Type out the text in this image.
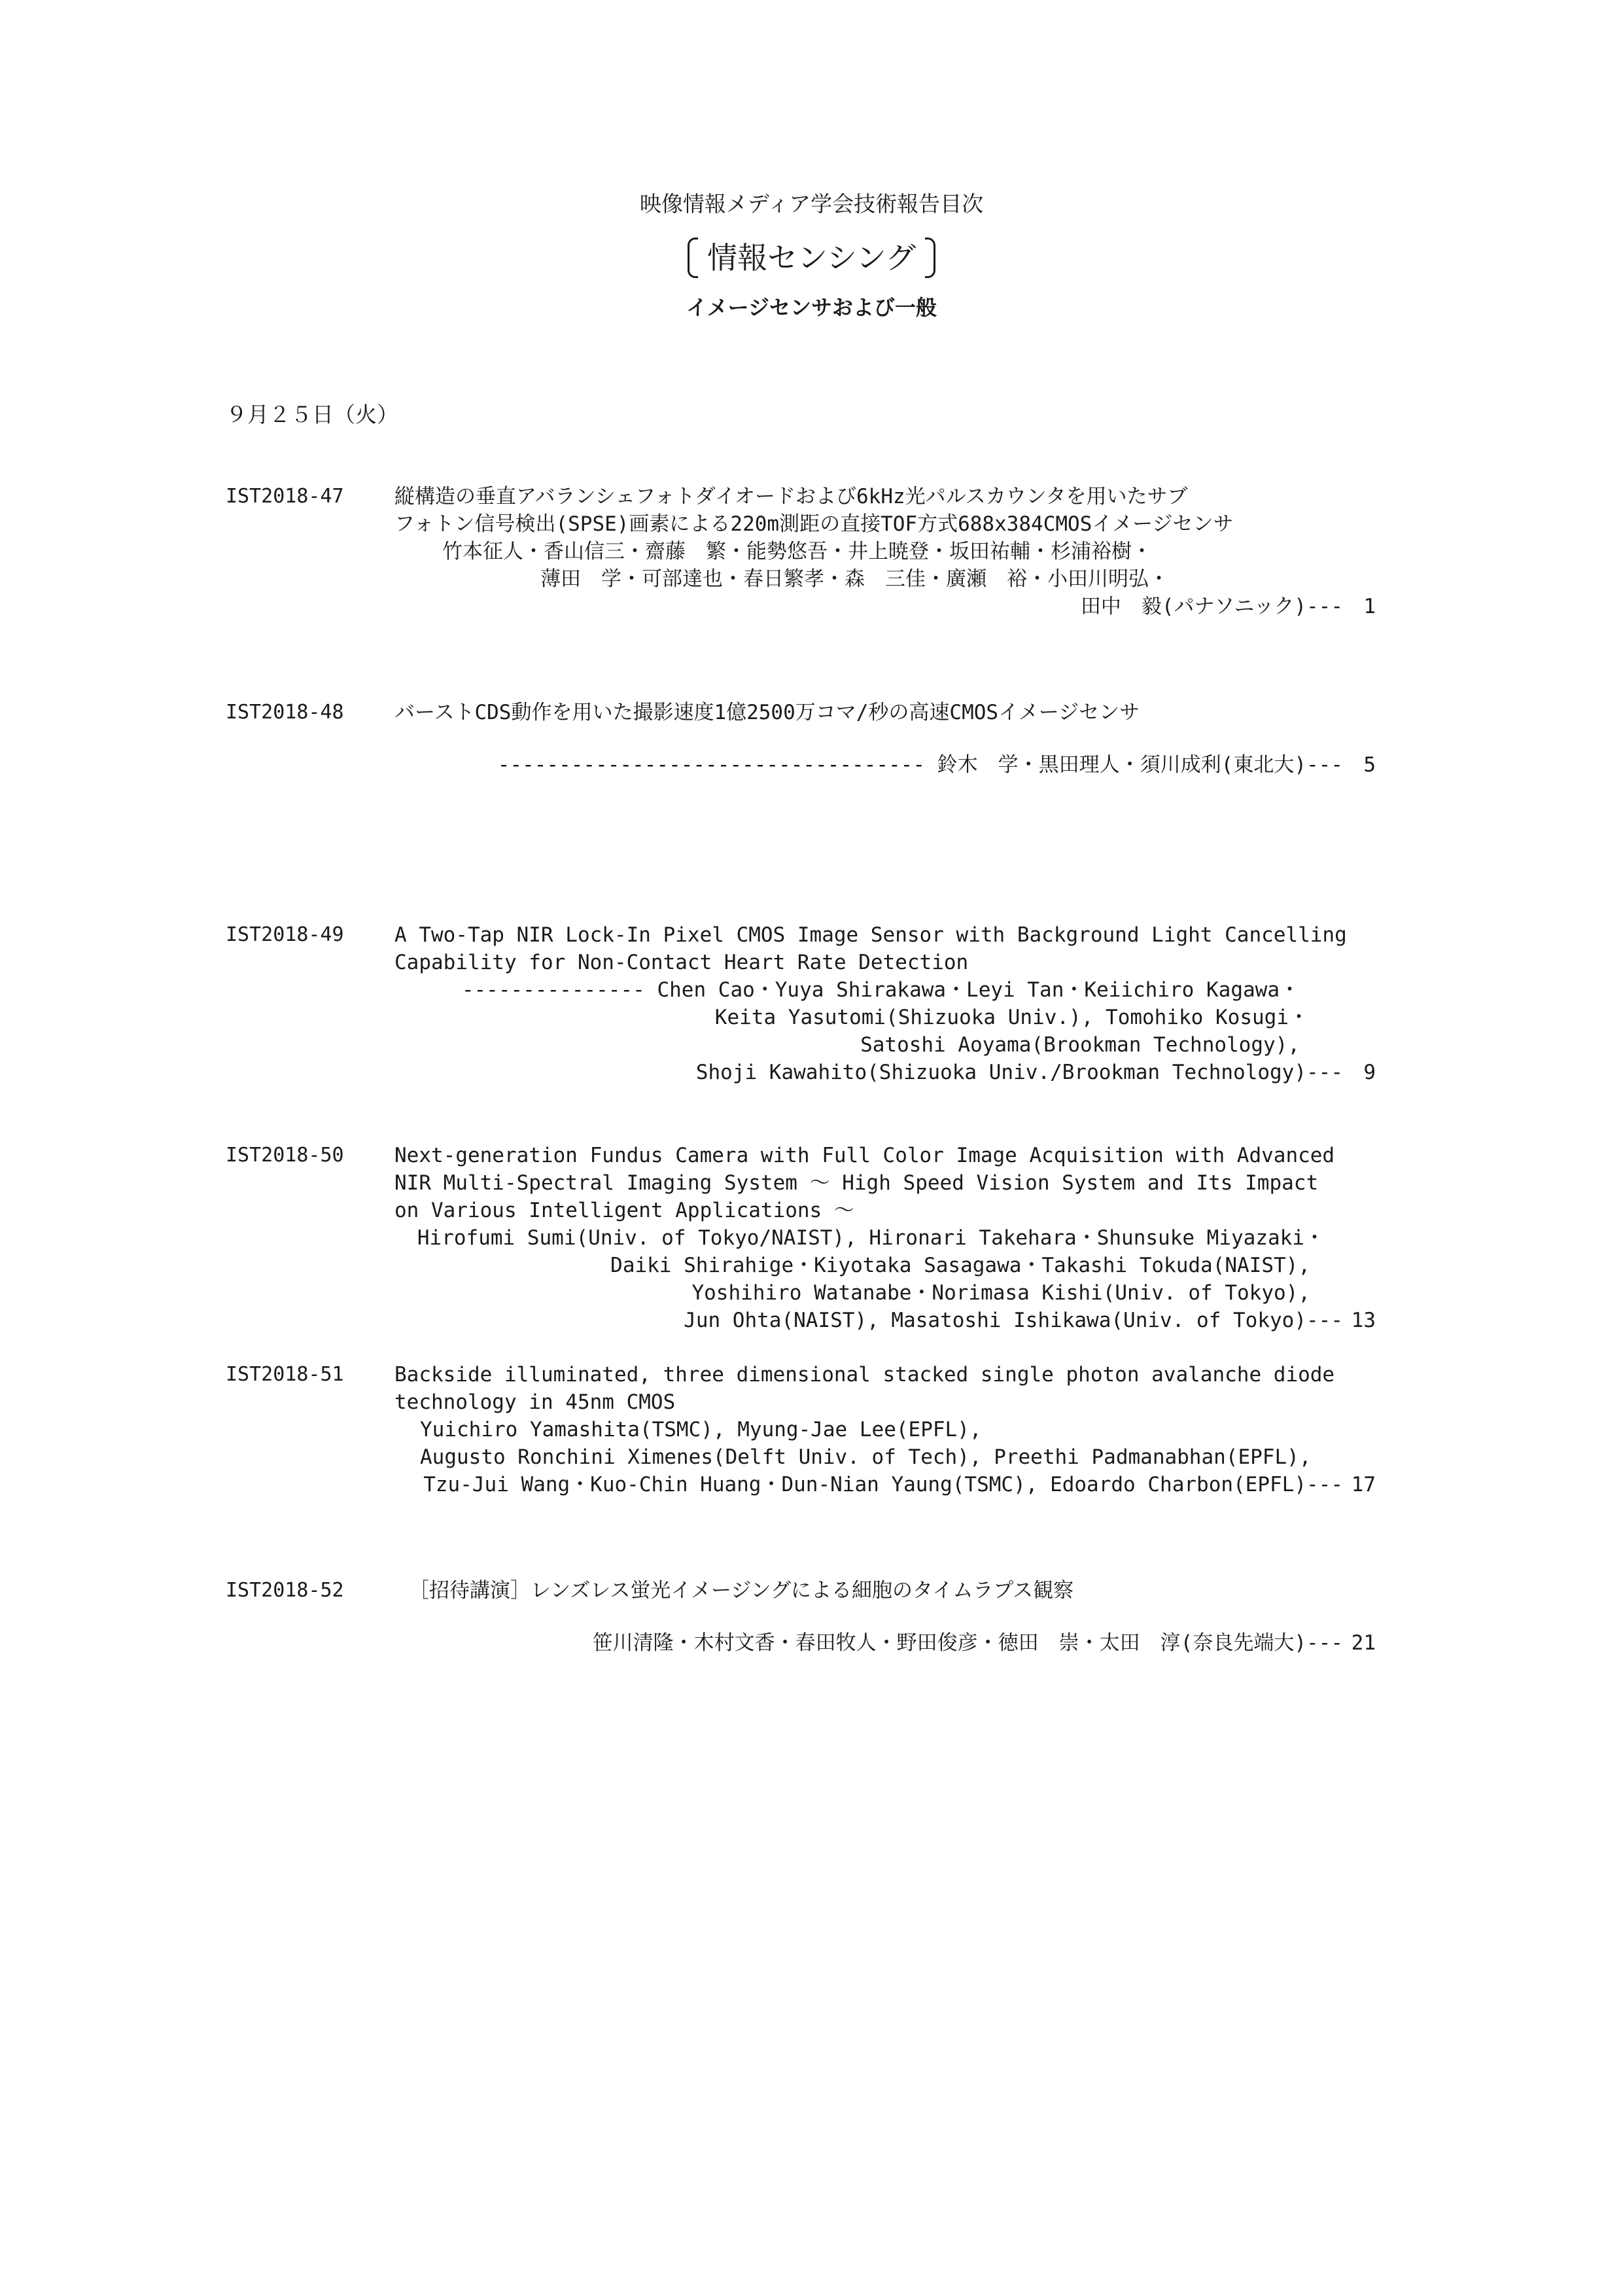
映像情報メディア学会技術報告目次
情報センシング
イメージセンサおよび一般
９月２５日（火）
IST2018-47 縦構造の垂直アバランシェフォトダイオードおよび6kHz光パルスカウンタを用いたサブ
フォトン信号検出(SPSE)画素による220m測距の直接TOF方式688x384CMOSイメージセンサ
竹本征人・香山信三・齋藤　繁・能勢悠吾・井上暁登・坂田祐輔・杉浦裕樹・
薄田　学・可部達也・春日繁孝・森　三佳・廣瀬　裕・小田川明弘・
田中　毅(パナソニック)---	1
IST2018-48 バーストCDS動作を用いた撮影速度1億2500万コマ/秒の高速CMOSイメージセンサ
----------------------------------- 鈴木　学・黒田理人・須川成利(東北大)---	5
IST2018-49 A Two-Tap NIR Lock-In Pixel CMOS Image Sensor with Background Light Cancelling
Capability for Non-Contact Heart Rate Detection
--------------- Chen Cao・Yuya Shirakawa・Leyi Tan・Keiichiro Kagawa・
Keita Yasutomi(Shizuoka Univ.), Tomohiko Kosugi・
Satoshi Aoyama(Brookman Technology),
Shoji Kawahito(Shizuoka Univ./Brookman Technology)---	9
IST2018-50 Next-generation Fundus Camera with Full Color Image Acquisition with Advanced
NIR Multi-Spectral Imaging System ～ High Speed Vision System and Its Impact
on Various Intelligent Applications ～
Hirofumi Sumi(Univ. of Tokyo/NAIST), Hironari Takehara・Shunsuke Miyazaki・
Daiki Shirahige・Kiyotaka Sasagawa・Takashi Tokuda(NAIST),
Yoshihiro Watanabe・Norimasa Kishi(Univ. of Tokyo),
Jun Ohta(NAIST), Masatoshi Ishikawa(Univ. of Tokyo)--- 13
IST2018-51 Backside illuminated, three dimensional stacked single photon avalanche diode
technology in 45nm CMOS
Yuichiro Yamashita(TSMC), Myung-Jae Lee(EPFL),
Augusto Ronchini Ximenes(Delft Univ. of Tech), Preethi Padmanabhan(EPFL),
Tzu-Jui Wang・Kuo-Chin Huang・Dun-Nian Yaung(TSMC), Edoardo Charbon(EPFL)--- 17
IST2018-52	［招待講演］レンズレス蛍光イメージングによる細胞のタイムラプス観察
笹川清隆・木村文香・春田牧人・野田俊彦・徳田　崇・太田　淳(奈良先端大)--- 21
